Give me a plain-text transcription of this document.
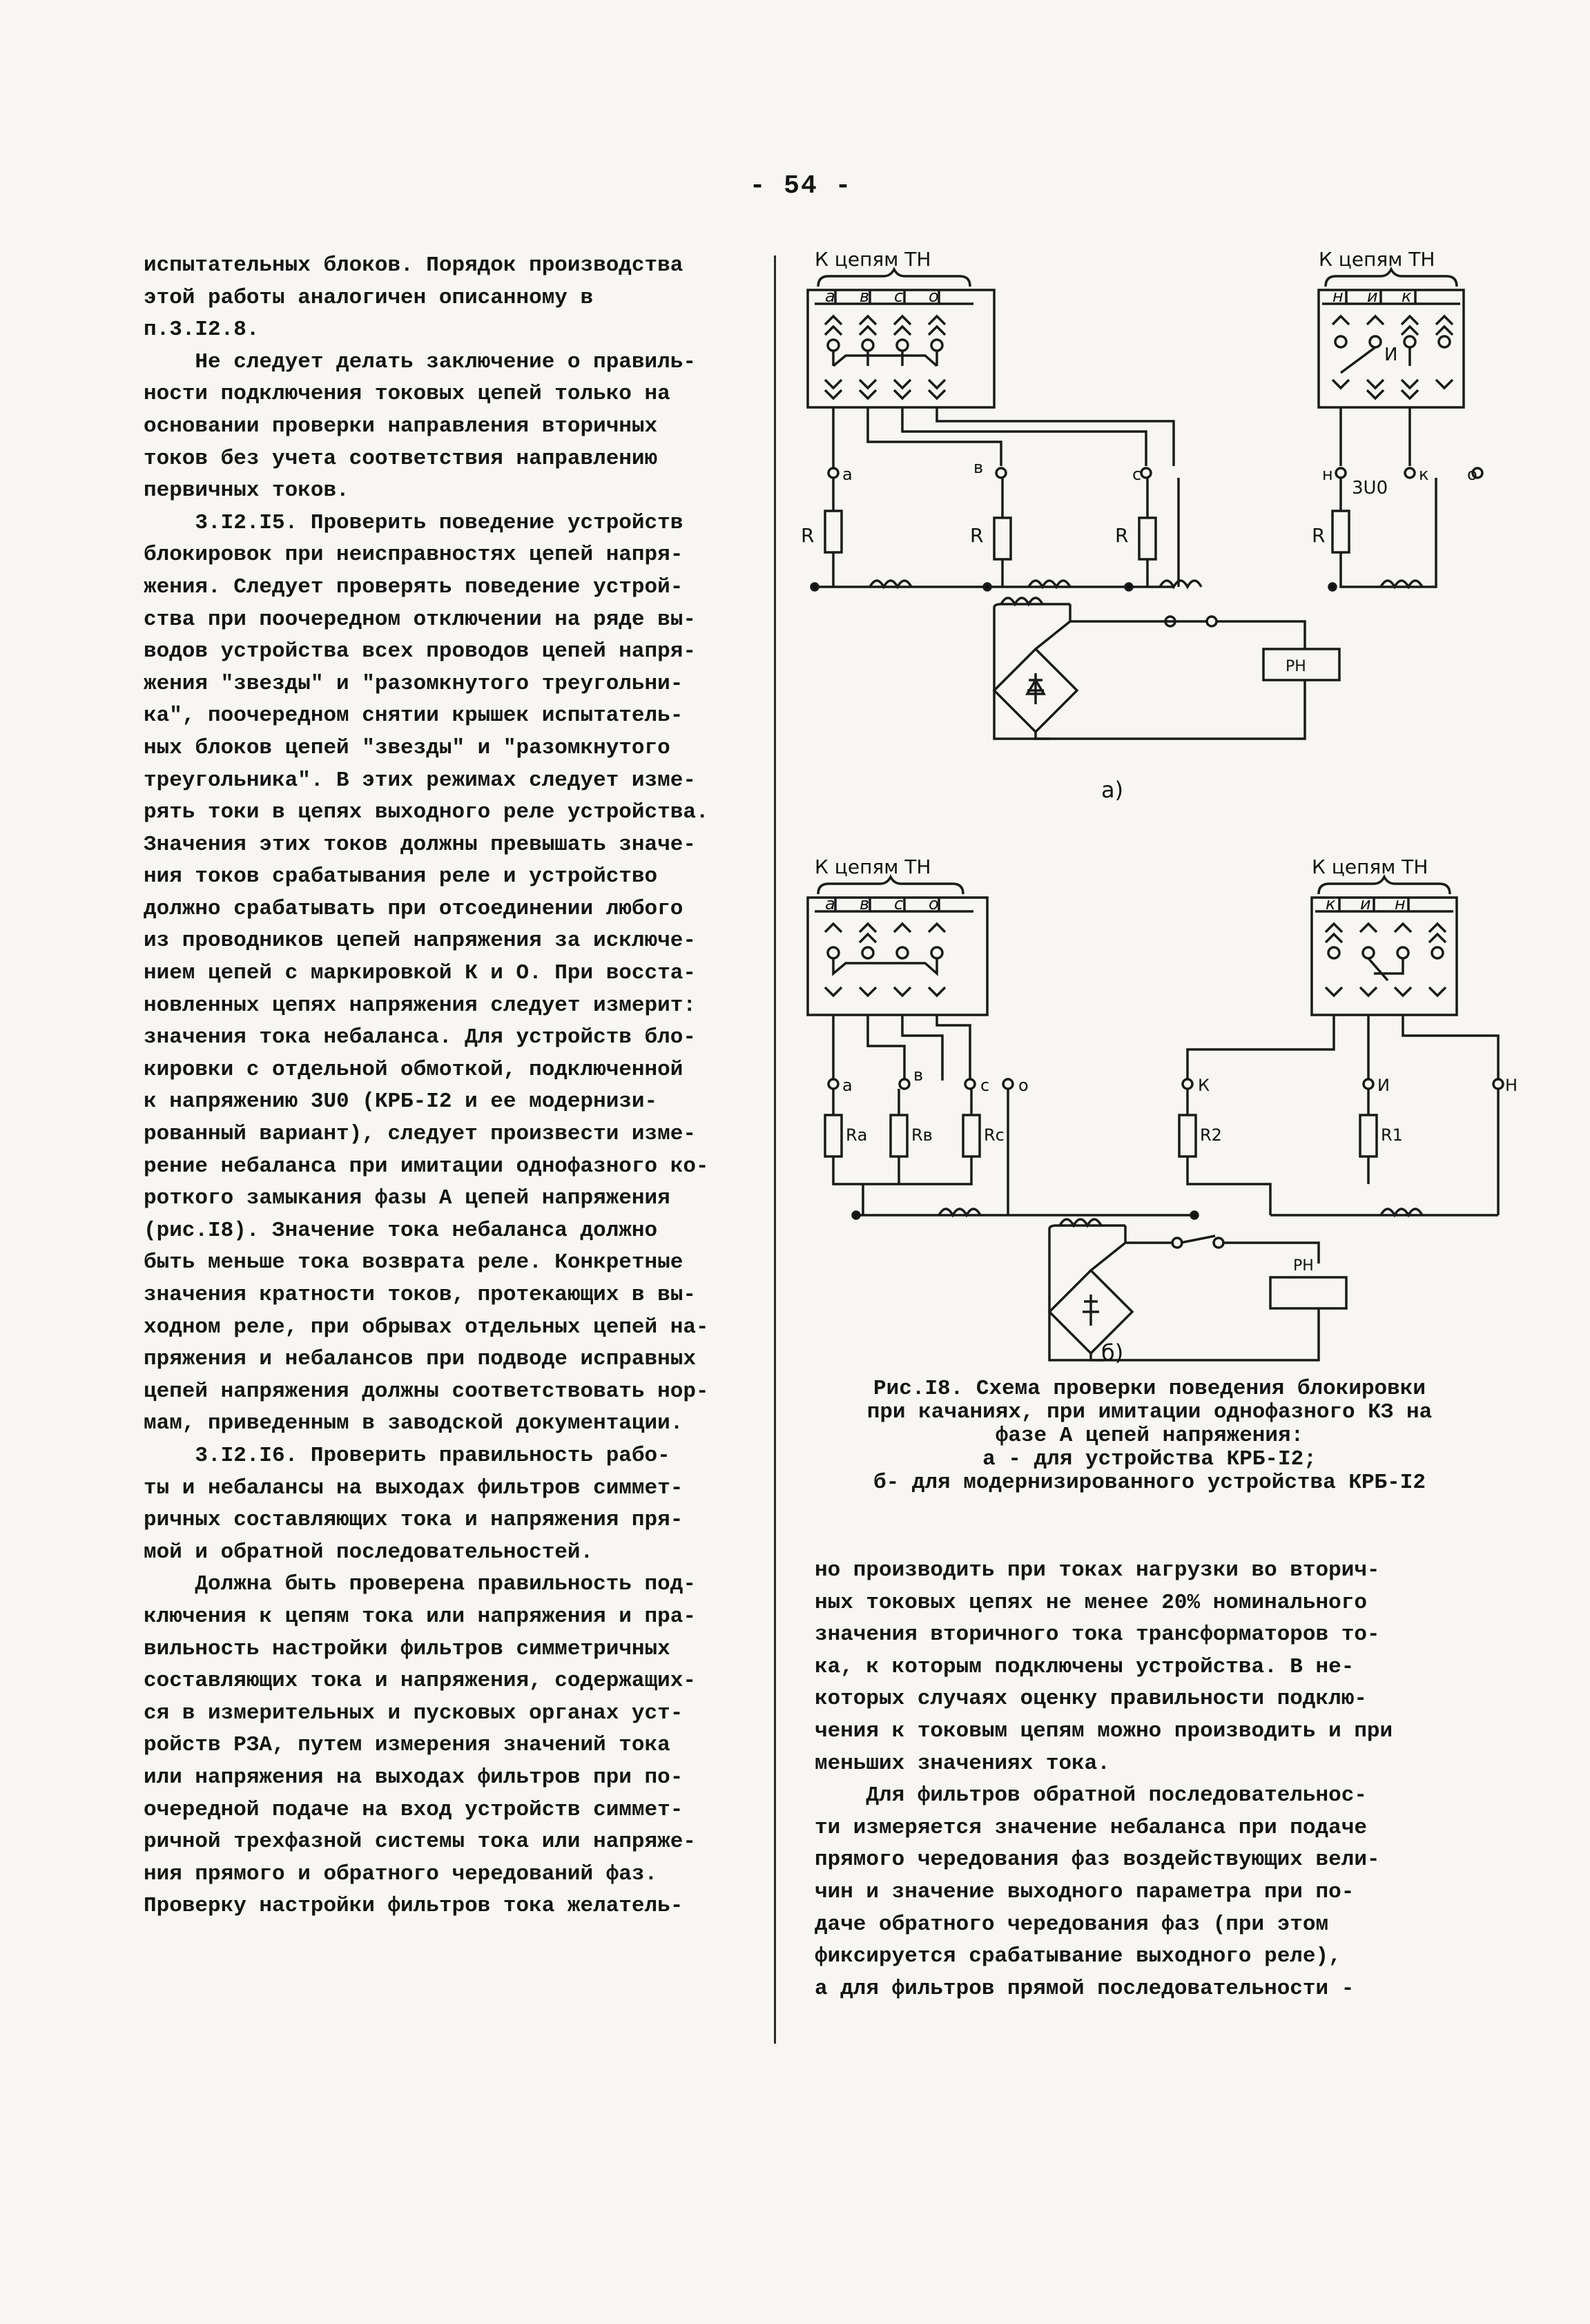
- 54 -
испытательных блоков. Порядок производства
этой работы аналогичен описанному в
п.3.I2.8.
Не следует делать заключение о правиль-
ности подключения токовых цепей только на
основании проверки направления вторичных
токов без учета соответствия направлению
первичных токов.
3.I2.I5. Проверить поведение устройств
блокировок при неисправностях цепей напря-
жения. Следует проверять поведение устрой-
ства при поочередном отключении на ряде вы-
водов устройства всех проводов цепей напря-
жения "звезды" и "разомкнутого треугольни-
ка", поочередном снятии крышек испытатель-
ных блоков цепей "звезды" и "разомкнутого
треугольника". В этих режимах следует изме-
рять токи в цепях выходного реле устройства.
Значения этих токов должны превышать значе-
ния токов срабатывания реле и устройство
должно срабатывать при отсоединении любого
из проводников цепей напряжения за исключе-
нием цепей с маркировкой К и О. При восста-
новленных цепях напряжения следует измерит:
значения тока небаланса. Для устройств бло-
кировки с отдельной обмоткой, подключенной
к напряжению 3U0 (КРБ-I2 и ее модернизи-
рованный вариант), следует произвести изме-
рение небаланса при имитации однофазного ко-
роткого замыкания фазы А цепей напряжения
(рис.I8). Значение тока небаланса должно
быть меньше тока возврата реле. Конкретные
значения кратности токов, протекающих в вы-
ходном реле, при обрывах отдельных цепей на-
пряжения и небалансов при подводе исправных
цепей напряжения должны соответствовать нор-
мам, приведенным в заводской документации.
3.I2.I6. Проверить правильность рабо-
ты и небалансы на выходах фильтров симмет-
ричных составляющих тока и напряжения пря-
мой и обратной последовательностей.
Должна быть проверена правильность под-
ключения к цепям тока или напряжения и пра-
вильность настройки фильтров симметричных
составляющих тока и напряжения, содержащих-
ся в измерительных и пусковых органах уст-
ройств РЗА, путем измерения значений тока
или напряжения на выходах фильтров при по-
очередной подаче на вход устройств симмет-
ричной трехфазной системы тока или напряже-
ния прямого и обратного чередований фаз.
Проверку настройки фильтров тока желатель-
К цепям ТН	К цепям ТН
а в с о	н и к
а	в	с	о
н	к
И
3U0
R	R	R	R
РН
а)
К цепям ТН	К цепям ТН
а в с о	к и н
а
в
с о	К	И	Н
Rа	Rв	Rс	R2	R1
РН
б)
Рис.I8. Схема проверки поведения блокировки
при качаниях, при имитации однофазного КЗ на
фазе А цепей напряжения:
а - для устройства КРБ-I2;
б- для модернизированного устройства КРБ-I2
но производить при токах нагрузки во вторич-
ных токовых цепях не менее 20% номинального
значения вторичного тока трансформаторов то-
ка, к которым подключены устройства. В не-
которых случаях оценку правильности подклю-
чения к токовым цепям можно производить и при
меньших значениях тока.
Для фильтров обратной последовательнос-
ти измеряется значение небаланса при подаче
прямого чередования фаз воздействующих вели-
чин и значение выходного параметра при по-
даче обратного чередования фаз (при этом
фиксируется срабатывание выходного реле),
а для фильтров прямой последовательности -
